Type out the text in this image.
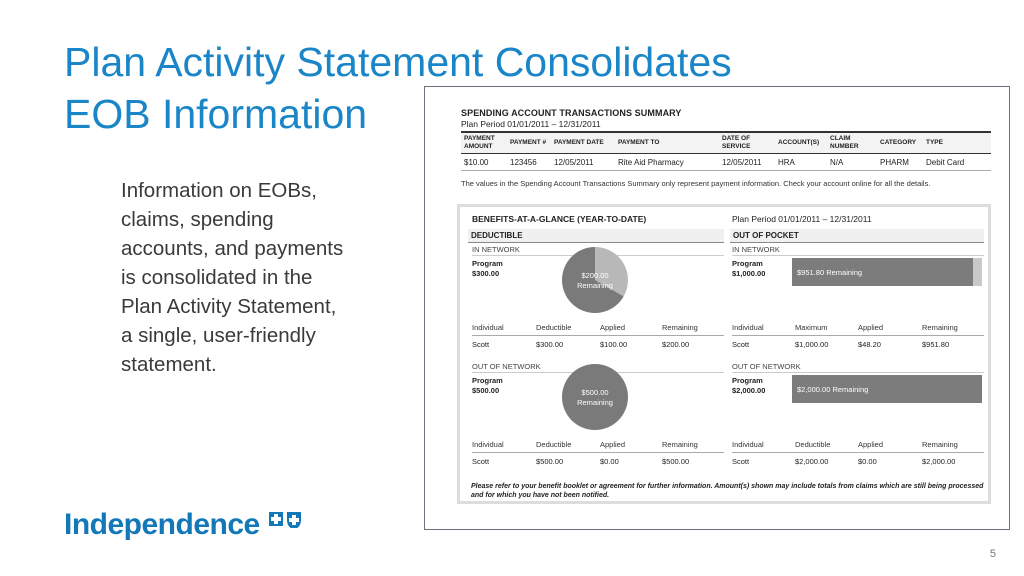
Plan Activity Statement Consolidates
EOB Information

Information on EOBs, claims, spending accounts, and payments is consolidated in the Plan Activity Statement, a single, user-friendly statement.

Independence
5
SPENDING ACCOUNT TRANSACTIONS SUMMARY
Plan Period 01/01/2011 – 12/31/2011
PAYMENT AMOUNT	PAYMENT #	PAYMENT DATE	PAYMENT TO	DATE OF SERVICE	ACCOUNT(S)	CLAIM NUMBER	CATEGORY	TYPE
$10.00	123456	12/05/2011	Rite Aid Pharmacy	12/05/2011	HRA	N/A	PHARM	Debit Card
The values in the Spending Account Transactions Summary only represent payment information. Check your account online for all the details.
BENEFITS-AT-A-GLANCE (YEAR-TO-DATE)	Plan Period 01/01/2011 – 12/31/2011
DEDUCTIBLE
IN NETWORK
Program
$300.00	$200.00
Remaining
Individual	Deductible	Applied	Remaining
Scott	$300.00	$100.00	$200.00
OUT OF NETWORK
Program
$500.00	$500.00
Remaining
Individual	Deductible	Applied	Remaining
Scott	$500.00	$0.00	$500.00
OUT OF POCKET
IN NETWORK
Program
$1,000.00	$951.80 Remaining
Individual	Maximum	Applied	Remaining
Scott	$1,000.00	$48.20	$951.80
OUT OF NETWORK
Program
$2,000.00	$2,000.00 Remaining
Individual	Deductible	Applied	Remaining
Scott	$2,000.00	$0.00	$2,000.00
Please refer to your benefit booklet or agreement for further information. Amount(s) shown may include totals from claims which are still being processed and for which you have not been notified.
